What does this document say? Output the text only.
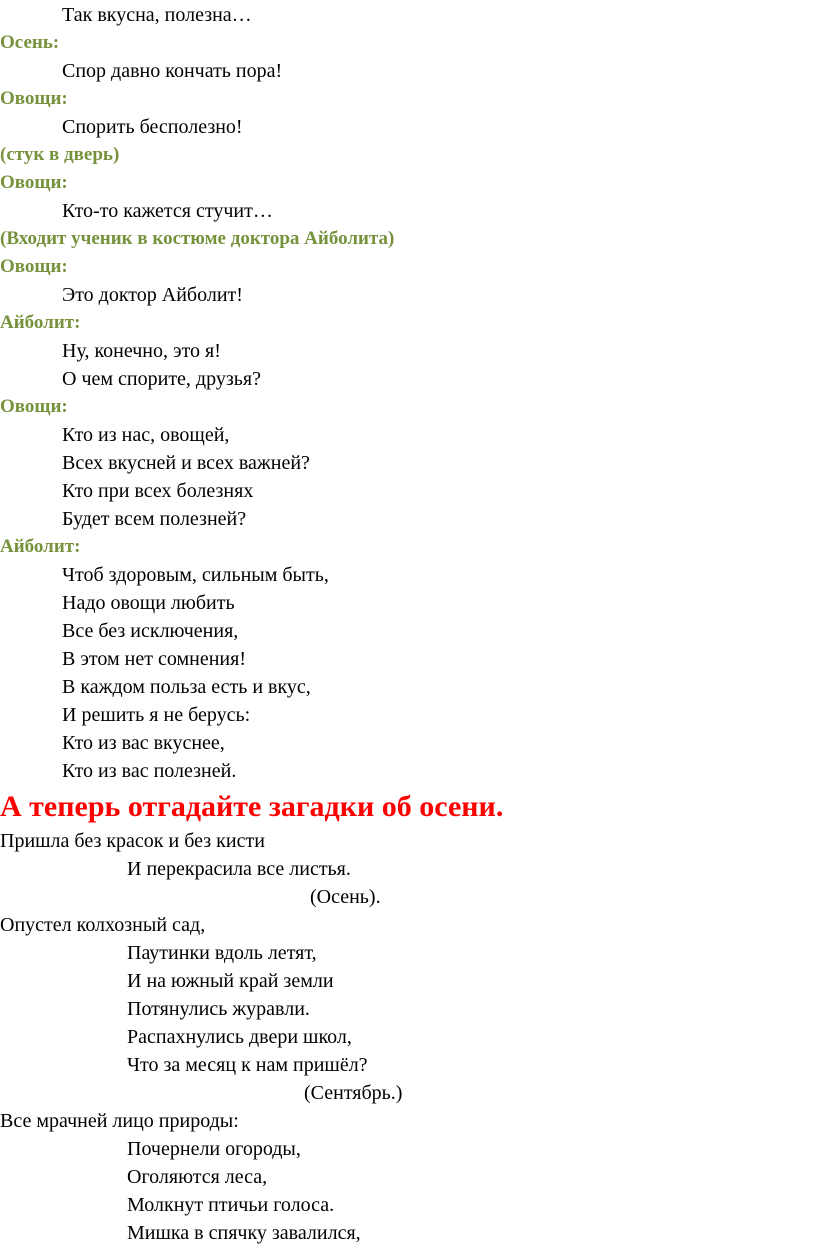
Так вкусна, полезна…
Осень:
Спор давно кончать пора!
Овощи:
Спорить бесполезно!
(стук в дверь)
Овощи:
Кто-то кажется стучит…
(Входит ученик в костюме доктора Айболита)
Овощи:
Это доктор Айболит!
Айболит:
Ну, конечно, это я!
О чем спорите, друзья?
Овощи:
Кто из нас, овощей,
Всех вкусней и всех важней?
Кто при всех болезнях
Будет всем полезней?
Айболит:
Чтоб здоровым, сильным быть,
Надо овощи любить
Все без исключения,
В этом нет сомнения!
В каждом польза есть и вкус,
И решить я не берусь:
Кто из вас вкуснее,
Кто из вас полезней.
А теперь отгадайте загадки об осени.
Пришла без красок и без кисти
И перекрасила все листья.
(Осень).
Опустел колхозный сад,
Паутинки вдоль летят,
И на южный край земли
Потянулись журавли.
Распахнулись двери школ,
Что за месяц к нам пришёл?
(Сентябрь.)
Все мрачней лицо природы:
Почернели огороды,
Оголяются леса,
Молкнут птичьи голоса.
Мишка в спячку завалился,
